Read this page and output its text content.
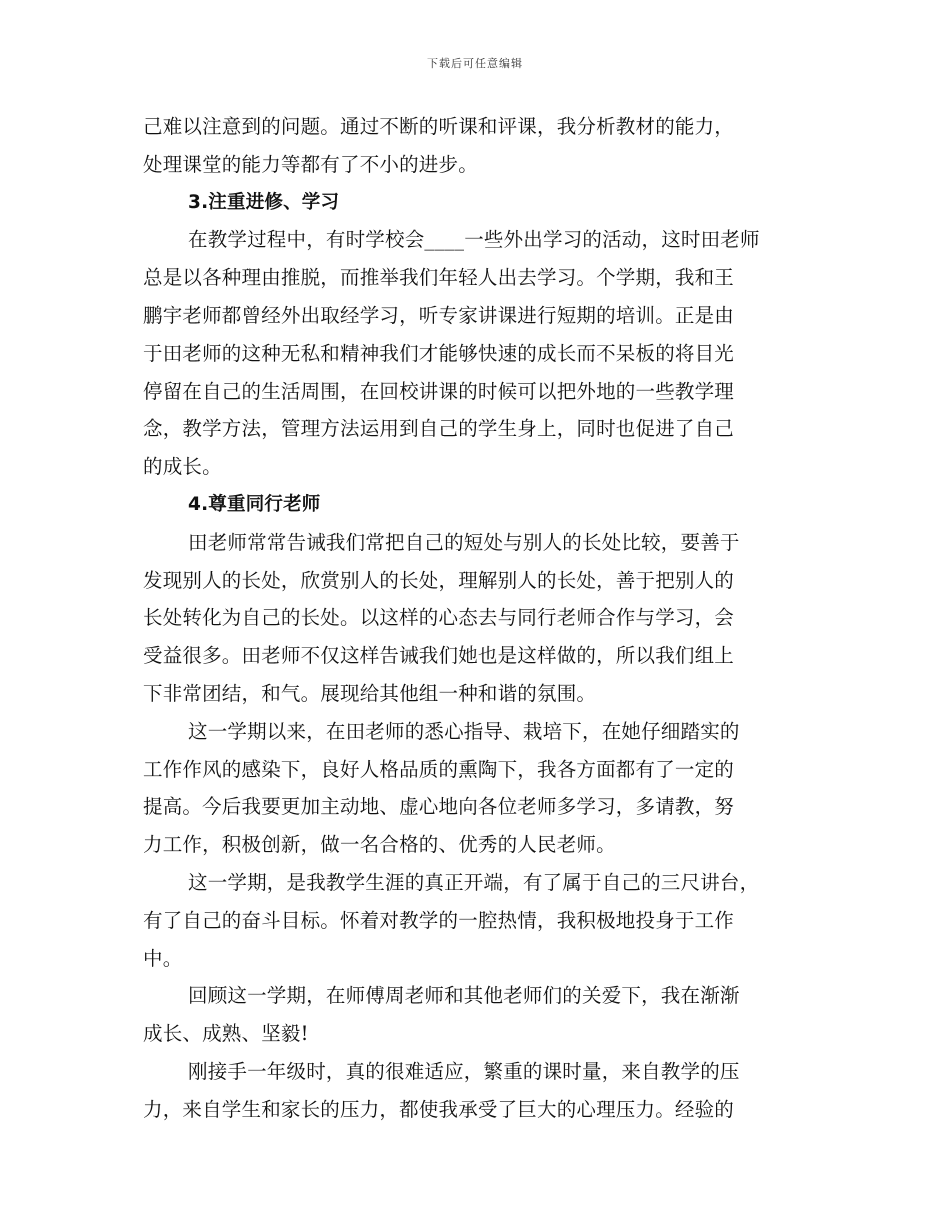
下载后可任意编辑
己难以注意到的问题。通过不断的听课和评课，我分析教材的能力，
处理课堂的能力等都有了不小的进步。
3.注重进修、学习
在教学过程中，有时学校会____一些外出学习的活动，这时田老师
总是以各种理由推脱，而推举我们年轻人出去学习。个学期，我和王
鹏宇老师都曾经外出取经学习，听专家讲课进行短期的培训。正是由
于田老师的这种无私和精神我们才能够快速的成长而不呆板的将目光
停留在自己的生活周围，在回校讲课的时候可以把外地的一些教学理
念，教学方法，管理方法运用到自己的学生身上，同时也促进了自己
的成长。
4.尊重同行老师
田老师常常告诫我们常把自己的短处与别人的长处比较，要善于
发现别人的长处，欣赏别人的长处，理解别人的长处，善于把别人的
长处转化为自己的长处。以这样的心态去与同行老师合作与学习，会
受益很多。田老师不仅这样告诫我们她也是这样做的，所以我们组上
下非常团结，和气。展现给其他组一种和谐的氛围。
这一学期以来，在田老师的悉心指导、栽培下，在她仔细踏实的
工作作风的感染下，良好人格品质的熏陶下，我各方面都有了一定的
提高。今后我要更加主动地、虚心地向各位老师多学习，多请教，努
力工作，积极创新，做一名合格的、优秀的人民老师。
这一学期，是我教学生涯的真正开端，有了属于自己的三尺讲台，
有了自己的奋斗目标。怀着对教学的一腔热情，我积极地投身于工作
中。
回顾这一学期，在师傅周老师和其他老师们的关爱下，我在渐渐
成长、成熟、坚毅!
刚接手一年级时，真的很难适应，繁重的课时量，来自教学的压
力，来自学生和家长的压力，都使我承受了巨大的心理压力。经验的
